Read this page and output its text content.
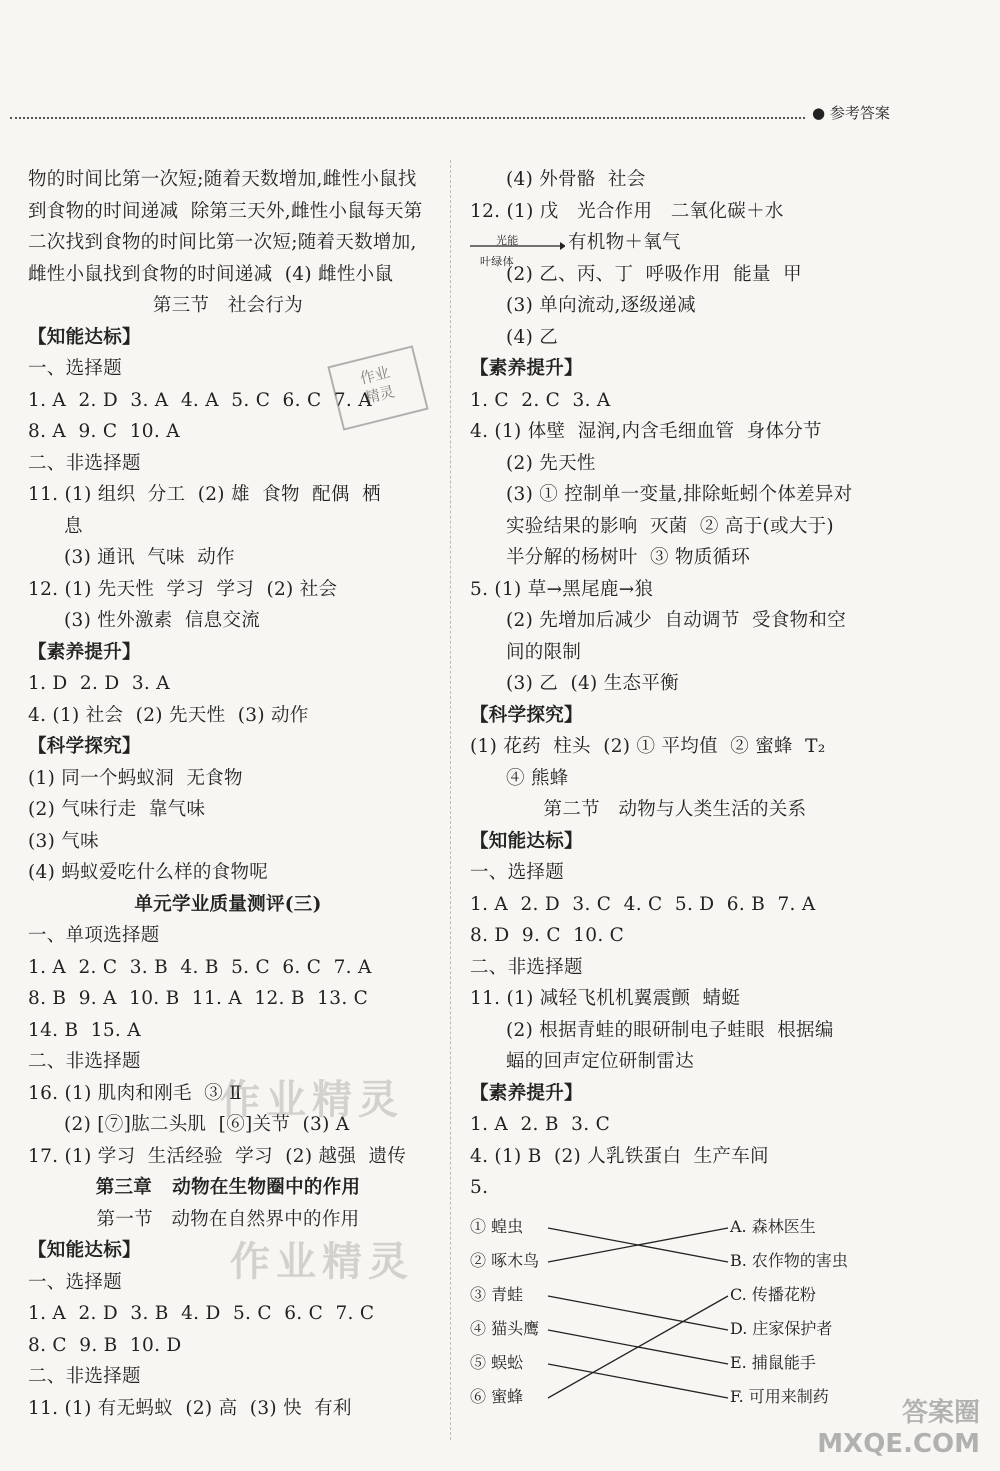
● 参考答案
物的时间比第一次短;随着天数增加,雌性小鼠找
到食物的时间递减  除第三天外,雌性小鼠每天第
二次找到食物的时间比第一次短;随着天数增加,
雌性小鼠找到食物的时间递减  (4) 雌性小鼠
第三节   社会行为
【知能达标】
一、选择题
1. A  2. D  3. A  4. A  5. C  6. C  7. A
8. A  9. C  10. A
二、非选择题
11. (1) 组织  分工  (2) 雄  食物  配偶  栖
息
(3) 通讯  气味  动作
12. (1) 先天性  学习  学习  (2) 社会
(3) 性外激素  信息交流
【素养提升】
1. D  2. D  3. A
4. (1) 社会  (2) 先天性  (3) 动作
【科学探究】
(1) 同一个蚂蚁洞  无食物
(2) 气味行走  靠气味
(3) 气味
(4) 蚂蚁爱吃什么样的食物呢
单元学业质量测评(三)
一、单项选择题
1. A  2. C  3. B  4. B  5. C  6. C  7. A
8. B  9. A  10. B  11. A  12. B  13. C
14. B  15. A
二、非选择题
16. (1) 肌肉和刚毛  ③ Ⅱ
(2) [⑦]肱二头肌  [⑥]关节  (3) A
17. (1) 学习  生活经验  学习  (2) 越强  遗传
第三章   动物在生物圈中的作用
第一节   动物在自然界中的作用
【知能达标】
一、选择题
1. A  2. D  3. B  4. D  5. C  6. C  7. C
8. C  9. B  10. D
二、非选择题
11. (1) 有无蚂蚁  (2) 高  (3) 快  有利
(4) 外骨骼  社会
12. (1) 戊   光合作用   二氧化碳＋水
光能
叶绿体
有机物＋氧气
(2) 乙、丙、丁  呼吸作用  能量  甲
(3) 单向流动,逐级递减
(4) 乙
【素养提升】
1. C  2. C  3. A
4. (1) 体壁  湿润,内含毛细血管  身体分节
(2) 先天性
(3) ① 控制单一变量,排除蚯蚓个体差异对
实验结果的影响  灭菌  ② 高于(或大于)
半分解的杨树叶  ③ 物质循环
5. (1) 草→黑尾鹿→狼
(2) 先增加后减少  自动调节  受食物和空
间的限制
(3) 乙  (4) 生态平衡
【科学探究】
(1) 花药  柱头  (2) ① 平均值  ② 蜜蜂  T₂
④ 熊蜂
第二节   动物与人类生活的关系
【知能达标】
一、选择题
1. A  2. D  3. C  4. C  5. D  6. B  7. A
8. D  9. C  10. C
二、非选择题
11. (1) 减轻飞机机翼震颤  蜻蜓
(2) 根据青蛙的眼研制电子蛙眼  根据编
蝠的回声定位研制雷达
【素养提升】
1. A  2. B  3. C
4. (1) B  (2) 人乳铁蛋白  生产车间
5.
① 蝗虫
② 啄木鸟
③ 青蛙
④ 猫头鹰
⑤ 蜈蚣
⑥ 蜜蜂
A. 森林医生
B. 农作物的害虫
C. 传播花粉
D. 庄家保护者
E. 捕鼠能手
F. 可用来制药
作业
精灵
作业精灵
作业精灵
答案圈
MXQE.COM
